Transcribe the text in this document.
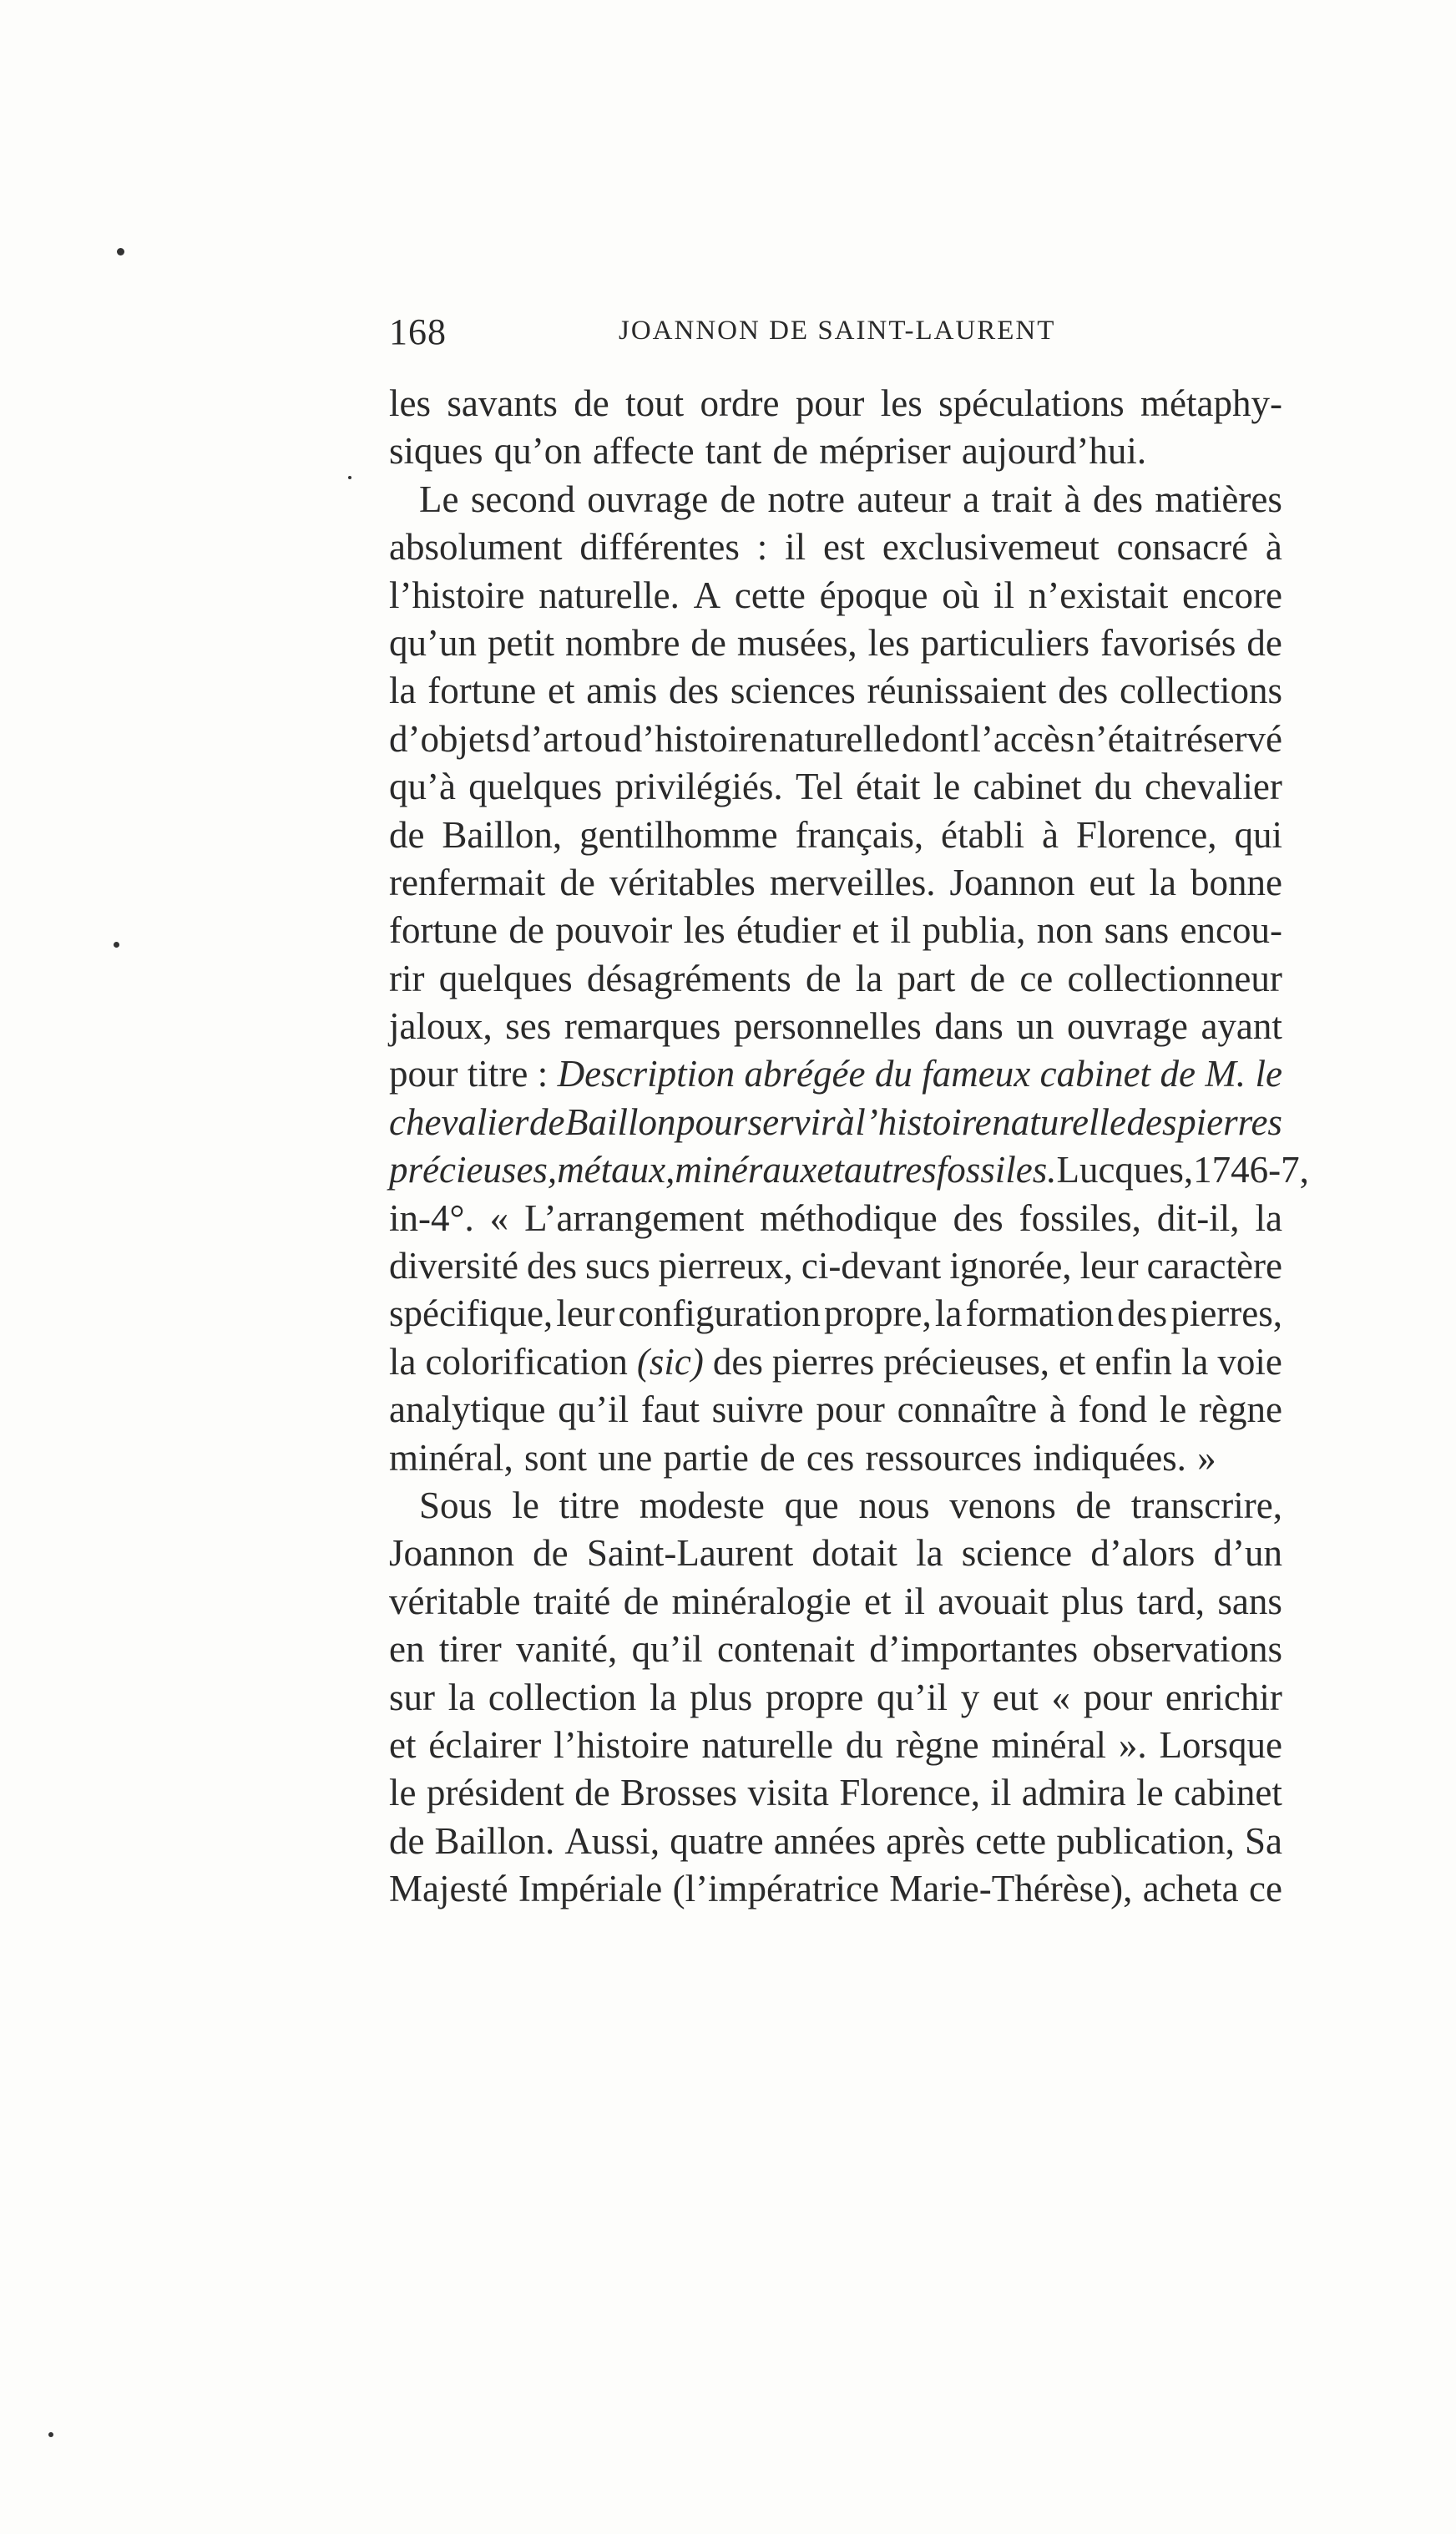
168	JOANNON DE SAINT-LAURENT
les savants de tout ordre pour les spéculations métaphy-
siques qu’on affecte tant de mépriser aujourd’hui.
Le second ouvrage de notre auteur a trait à des matières
absolument différentes : il est exclusivemeut consacré à
l’histoire naturelle. A cette époque où il n’existait encore
qu’un petit nombre de musées, les particuliers favorisés de
la fortune et amis des sciences réunissaient des collections
d’objets d’art ou d’histoire naturelle dont l’accès n’était réservé
qu’à quelques privilégiés. Tel était le cabinet du chevalier
de Baillon, gentilhomme français, établi à Florence, qui
renfermait de véritables merveilles. Joannon eut la bonne
fortune de pouvoir les étudier et il publia, non sans encou-
rir quelques désagréments de la part de ce collectionneur
jaloux, ses remarques personnelles dans un ouvrage ayant
pour titre : Description abrégée du fameux cabinet de M. le
chevalier de Baillon pour servir à l’histoire naturelle des pierres
précieuses, métaux, minéraux et autres fossiles. Lucques, 1746-7,
in-4°. « L’arrangement méthodique des fossiles, dit-il, la
diversité des sucs pierreux, ci-devant ignorée, leur caractère
spécifique, leur configuration propre, la formation des pierres,
la colorification (sic) des pierres précieuses, et enfin la voie
analytique qu’il faut suivre pour connaître à fond le règne
minéral, sont une partie de ces ressources indiquées. »
Sous le titre modeste que nous venons de transcrire,
Joannon de Saint-Laurent dotait la science d’alors d’un
véritable traité de minéralogie et il avouait plus tard, sans
en tirer vanité, qu’il contenait d’importantes observations
sur la collection la plus propre qu’il y eut « pour enrichir
et éclairer l’histoire naturelle du règne minéral ». Lorsque
le président de Brosses visita Florence, il admira le cabinet
de Baillon. Aussi, quatre années après cette publication, Sa
Majesté Impériale (l’impératrice Marie-Thérèse), acheta ce
